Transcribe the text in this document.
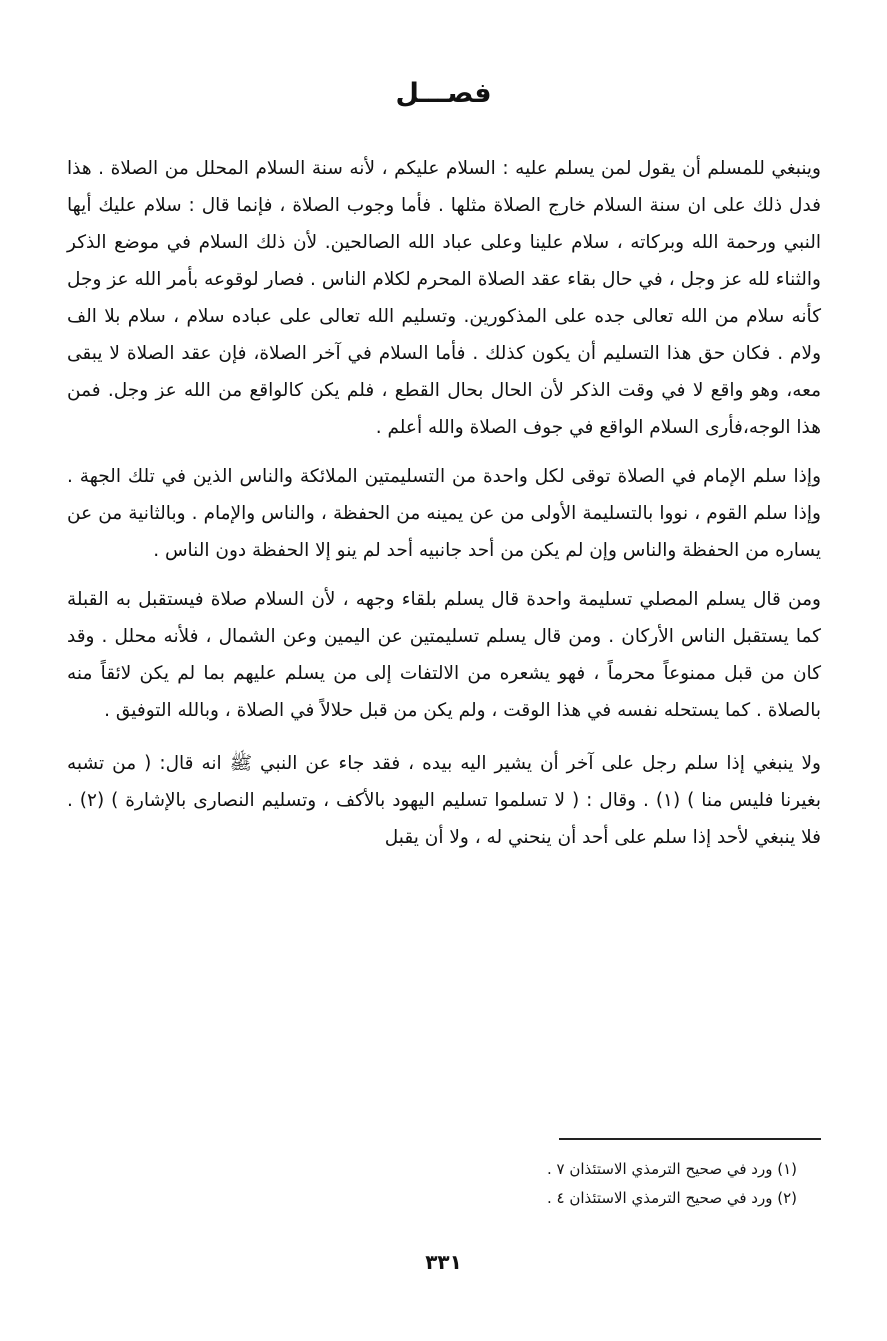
فصـــل

وينبغي للمسلم أن يقول لمن يسلم عليه : السلام عليكم ، لأنه سنة السلام المحلل من الصلاة . هذا فدل ذلك على ان سنة السلام خارج الصلاة مثلها . فأما وجوب الصلاة ، فإنما قال : سلام عليك أيها النبي ورحمة الله وبركاته ، سلام علينا وعلى عباد الله الصالحين. لأن ذلك السلام في موضع الذكر والثناء لله عز وجل ، في حال بقاء عقد الصلاة المحرم لكلام الناس . فصار لوقوعه بأمر الله عز وجل كأنه سلام من الله تعالى جده على المذكورين. وتسليم الله تعالى على عباده سلام ، سلام بلا الف ولام . فكان حق هذا التسليم أن يكون كذلك . فأما السلام في آخر الصلاة، فإن عقد الصلاة لا يبقى معه، وهو واقع لا في وقت الذكر لأن الحال بحال القطع ، فلم يكن كالواقع من الله عز وجل. فمن هذا الوجه،فأرى السلام الواقع في جوف الصلاة والله أعلم .

وإذا سلم الإمام في الصلاة توقى لكل واحدة من التسليمتين الملائكة والناس الذين في تلك الجهة . وإذا سلم القوم ، نووا بالتسليمة الأولى من عن يمينه من الحفظة ، والناس والإمام . وبالثانية من عن يساره من الحفظة والناس وإن لم يكن من أحد جانبيه أحد لم ينو إلا الحفظة دون الناس .

ومن قال يسلم المصلي تسليمة واحدة قال يسلم بلقاء وجهه ، لأن السلام صلاة فيستقبل به القبلة كما يستقبل الناس الأركان . ومن قال يسلم تسليمتين عن اليمين وعن الشمال ، فلأنه محلل . وقد كان من قبل ممنوعاً محرماً ، فهو يشعره من الالتفات إلى من يسلم عليهم بما لم يكن لائقاً منه بالصلاة . كما يستحله نفسه في هذا الوقت ، ولم يكن من قبل حلالاً في الصلاة ، وبالله التوفيق .

ولا ينبغي إذا سلم رجل على آخر أن يشير اليه بيده ، فقد جاء عن النبي ﷺ انه قال: ( من تشبه بغيرنا فليس منا ) (١) . وقال : ( لا تسلموا تسليم اليهود بالأكف ، وتسليم النصارى بالإشارة ) (٢) . فلا ينبغي لأحد إذا سلم على أحد أن ينحني له ، ولا أن يقبل

(١) ورد في صحيح الترمذي الاستئذان ٧ .

(٢) ورد في صحيح الترمذي الاستئذان ٤ .

٣٣١
